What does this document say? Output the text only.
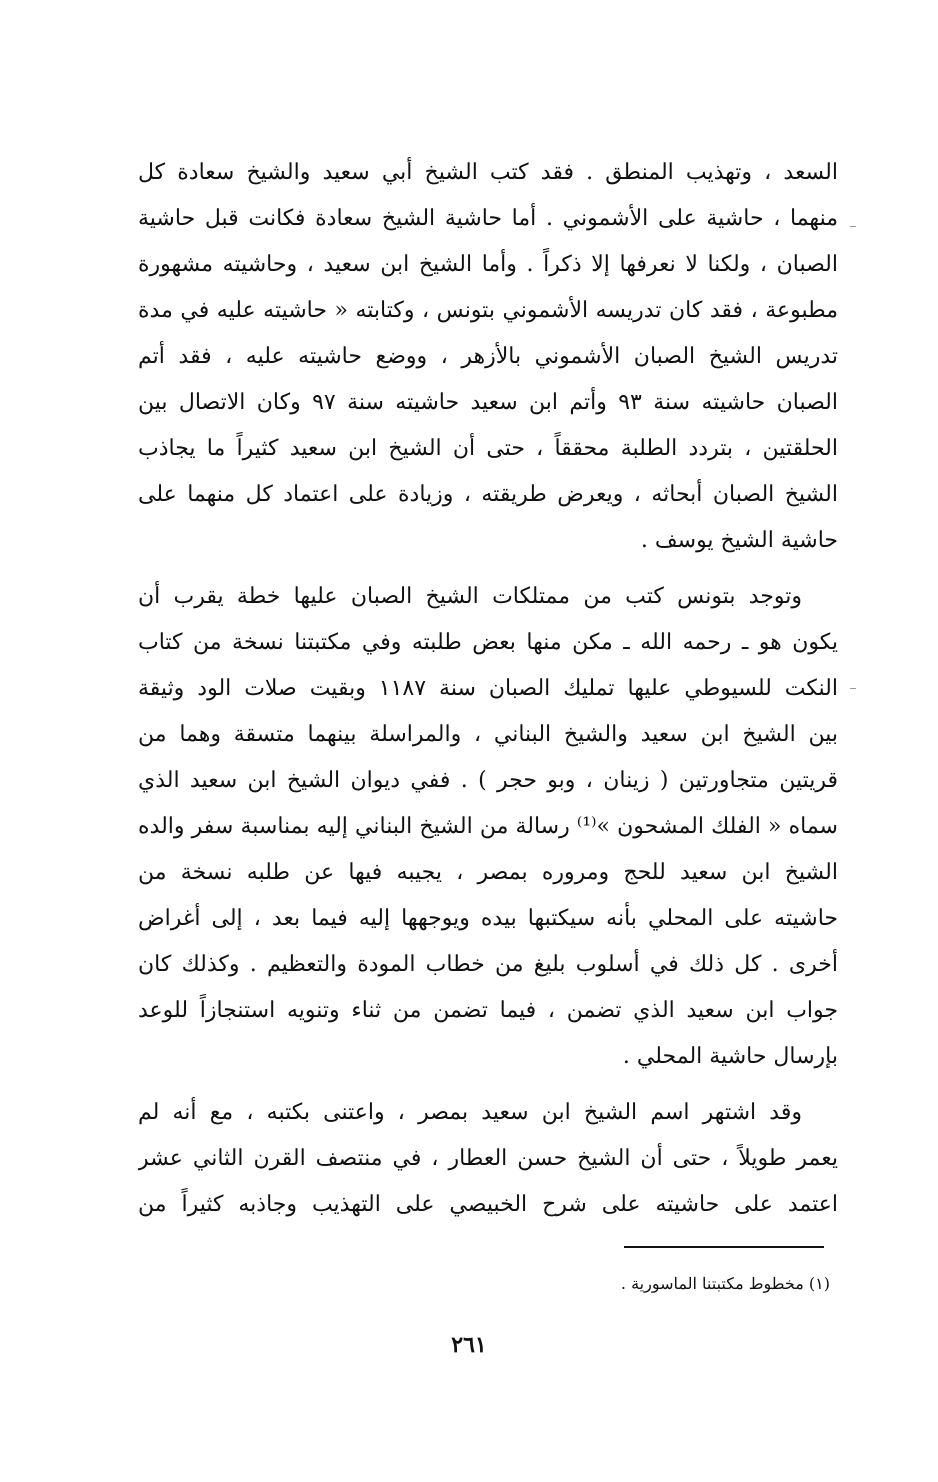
السعد ، وتهذيب المنطق . فقد كتب الشيخ أبي سعيد والشيخ سعادة كل
منهما ، حاشية على الأشموني . أما حاشية الشيخ سعادة فكانت قبل حاشية
الصبان ، ولكنا لا نعرفها إلا ذكراً . وأما الشيخ ابن سعيد ، وحاشيته مشهورة
مطبوعة ، فقد كان تدريسه الأشموني بتونس ، وكتابته « حاشيته عليه في مدة
تدريس الشيخ الصبان الأشموني بالأزهر ، ووضع حاشيته عليه ، فقد أتم
الصبان حاشيته سنة ٩٣ وأتم ابن سعيد حاشيته سنة ٩٧ وكان الاتصال بين
الحلقتين ، بتردد الطلبة محققاً ، حتى أن الشيخ ابن سعيد كثيراً ما يجاذب
الشيخ الصبان أبحاثه ، ويعرض طريقته ، وزيادة على اعتماد كل منهما على
حاشية الشيخ يوسف .
وتوجد بتونس كتب من ممتلكات الشيخ الصبان عليها خطة يقرب أن
يكون هو ـ رحمه الله ـ مكن منها بعض طلبته وفي مكتبتنا نسخة من كتاب
النكت للسيوطي عليها تمليك الصبان سنة ١١٨٧ وبقيت صلات الود وثيقة
بين الشيخ ابن سعيد والشيخ البناني ، والمراسلة بينهما متسقة وهما من
قريتين متجاورتين ( زينان ، وبو حجر ) . ففي ديوان الشيخ ابن سعيد الذي
سماه « الفلك المشحون »⁽¹⁾ رسالة من الشيخ البناني إليه بمناسبة سفر والده
الشيخ ابن سعيد للحج ومروره بمصر ، يجيبه فيها عن طلبه نسخة من
حاشيته على المحلي بأنه سيكتبها بيده ويوجهها إليه فيما بعد ، إلى أغراض
أخرى . كل ذلك في أسلوب بليغ من خطاب المودة والتعظيم . وكذلك كان
جواب ابن سعيد الذي تضمن ، فيما تضمن من ثناء وتنويه استنجازاً للوعد
بإرسال حاشية المحلي .
وقد اشتهر اسم الشيخ ابن سعيد بمصر ، واعتنى بكتبه ، مع أنه لم
يعمر طويلاً ، حتى أن الشيخ حسن العطار ، في منتصف القرن الثاني عشر
اعتمد على حاشيته على شرح الخبيصي على التهذيب وجاذبه كثيراً من
(١) مخطوط مكتبتنا الماسورية .
٢٦١
